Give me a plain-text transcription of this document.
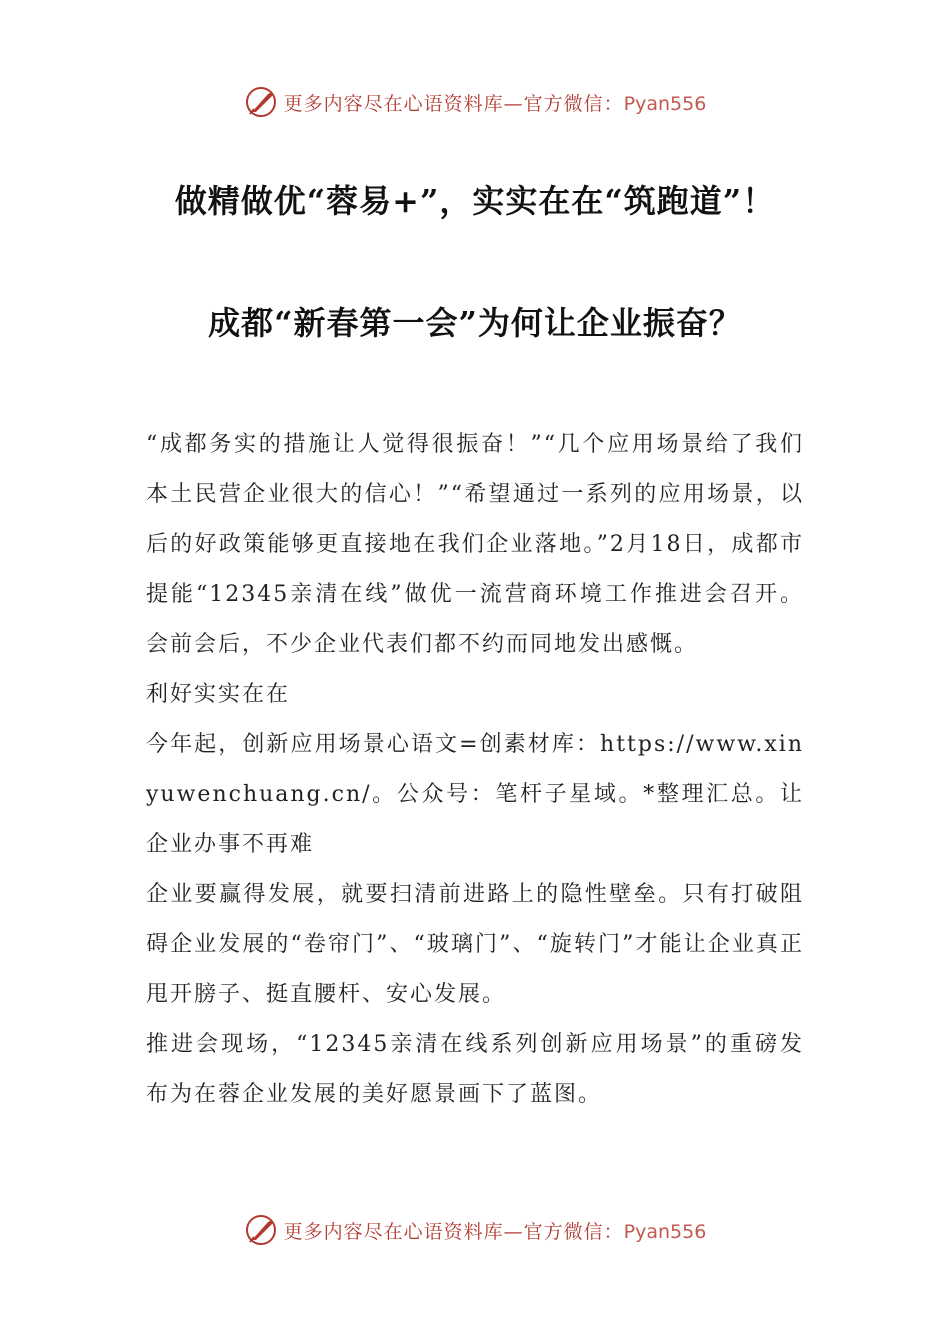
更多内容尽在心语资料库—官方微信：Pyan556
做精做优“蓉易+”，实实在在“筑跑道”！
成都“新春第一会”为何让企业振奋？

“成都务实的措施让人觉得很振奋！”“几个应用场景给了我们本土民营企业很大的信心！”“希望通过一系列的应用场景，以后的好政策能够更直接地在我们企业落地。”2月18日，成都市提能“12345亲清在线”做优一流营商环境工作推进会召开。会前会后，不少企业代表们都不约而同地发出感慨。

利好实实在在

今年起，创新应用场景心语文=创素材库：https://www.xinyuwenchuang.cn/。公众号：笔杆子星域。*整理汇总。让企业办事不再难

企业要赢得发展，就要扫清前进路上的隐性壁垒。只有打破阻碍企业发展的“卷帘门”、“玻璃门”、“旋转门”才能让企业真正甩开膀子、挺直腰杆、安心发展。

推进会现场，“12345亲清在线系列创新应用场景”的重磅发布为在蓉企业发展的美好愿景画下了蓝图。

更多内容尽在心语资料库—官方微信：Pyan556
